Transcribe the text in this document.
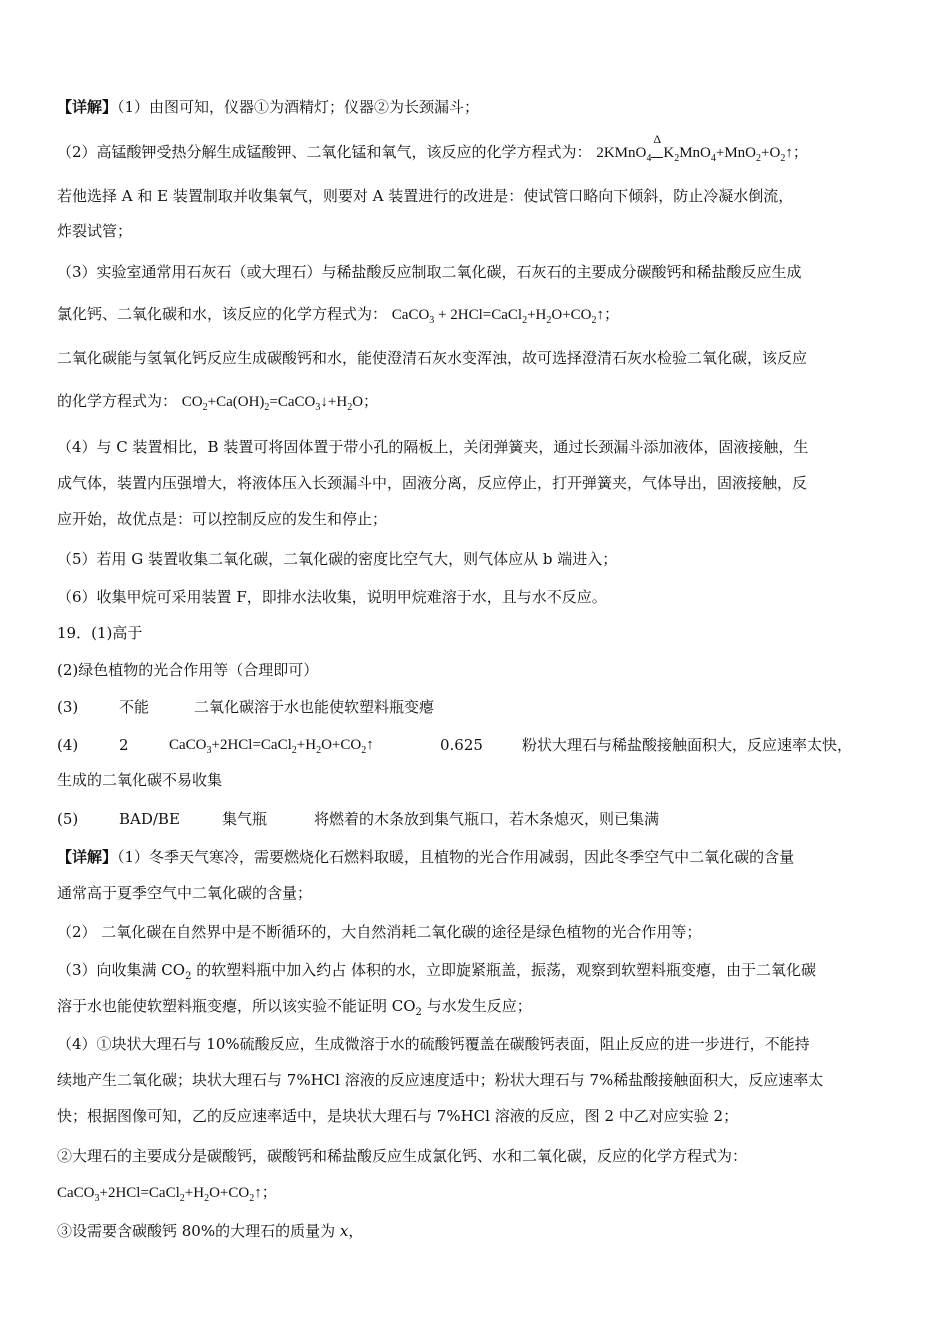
【详解】（1）由图可知，仪器①为酒精灯；仪器②为长颈漏斗；
（2）高锰酸钾受热分解生成锰酸钾、二氧化锰和氧气，该反应的化学方程式为： 2KMnO$_4$
Δ
$K_2MnO_4+MnO_2+O_2↑$；
若他选择 A 和 E 装置制取并收集氧气，则要对 A 装置进行的改进是：使试管口略向下倾斜，防止冷凝水倒流，
炸裂试管；
（3）实验室通常用石灰石（或大理石）与稀盐酸反应制取二氧化碳，石灰石的主要成分碳酸钙和稀盐酸反应生成
氯化钙、二氧化碳和水，该反应的化学方程式为： CaCO$_3$ + $2HCl=CaCl_2+H_2O+CO_2↑$；
二氧化碳能与氢氧化钙反应生成碳酸钙和水，能使澄清石灰水变浑浊，故可选择澄清石灰水检验二氧化碳，该反应
的化学方程式为： $CO_2+Ca(OH)_2=CaCO_3↓+H_2O$；
（4）与 C 装置相比，B 装置可将固体置于带小孔的隔板上，关闭弹簧夹，通过长颈漏斗添加液体，固液接触，生
成气体，装置内压强增大，将液体压入长颈漏斗中，固液分离，反应停止，打开弹簧夹，气体导出，固液接触，反
应开始，故优点是：可以控制反应的发生和停止；
（5）若用 G 装置收集二氧化碳，二氧化碳的密度比空气大，则气体应从 b 端进入；
（6）收集甲烷可采用装置 F，即排水法收集，说明甲烷难溶于水，且与水不反应。
19．(1)高于
(2)绿色植物的光合作用等（合理即可）
(3)	不能	二氧化碳溶于水也能使软塑料瓶变瘪
(4)	2	$CaCO_3+2HCl=CaCl_2+H_2O+CO_2↑$	0.625	粉状大理石与稀盐酸接触面积大，反应速率太快，
生成的二氧化碳不易收集
(5)	BAD/BE	集气瓶	将燃着的木条放到集气瓶口，若木条熄灭，则已集满
【详解】（1）冬季天气寒冷，需要燃烧化石燃料取暖，且植物的光合作用减弱，因此冬季空气中二氧化碳的含量
通常高于夏季空气中二氧化碳的含量；
（2） 二氧化碳在自然界中是不断循环的，大自然消耗二氧化碳的途径是绿色植物的光合作用等；
（3）向收集满 $CO_2$ 的软塑料瓶中加入约占 体积的水，立即旋紧瓶盖，振荡，观察到软塑料瓶变瘪，由于二氧化碳
溶于水也能使软塑料瓶变瘪，所以该实验不能证明 $CO_2$ 与水发生反应；
（4）①块状大理石与 10%硫酸反应，生成微溶于水的硫酸钙覆盖在碳酸钙表面，阻止反应的进一步进行，不能持
续地产生二氧化碳；块状大理石与 7%HCl 溶液的反应速度适中；粉状大理石与 7%稀盐酸接触面积大，反应速率太
快；根据图像可知，乙的反应速率适中，是块状大理石与 7%HCl 溶液的反应，图 2 中乙对应实验 2；
②大理石的主要成分是碳酸钙，碳酸钙和稀盐酸反应生成氯化钙、水和二氧化碳，反应的化学方程式为：
$CaCO_3+2HCl=CaCl_2+H_2O+CO_2↑$；
③设需要含碳酸钙 80%的大理石的质量为 x，
